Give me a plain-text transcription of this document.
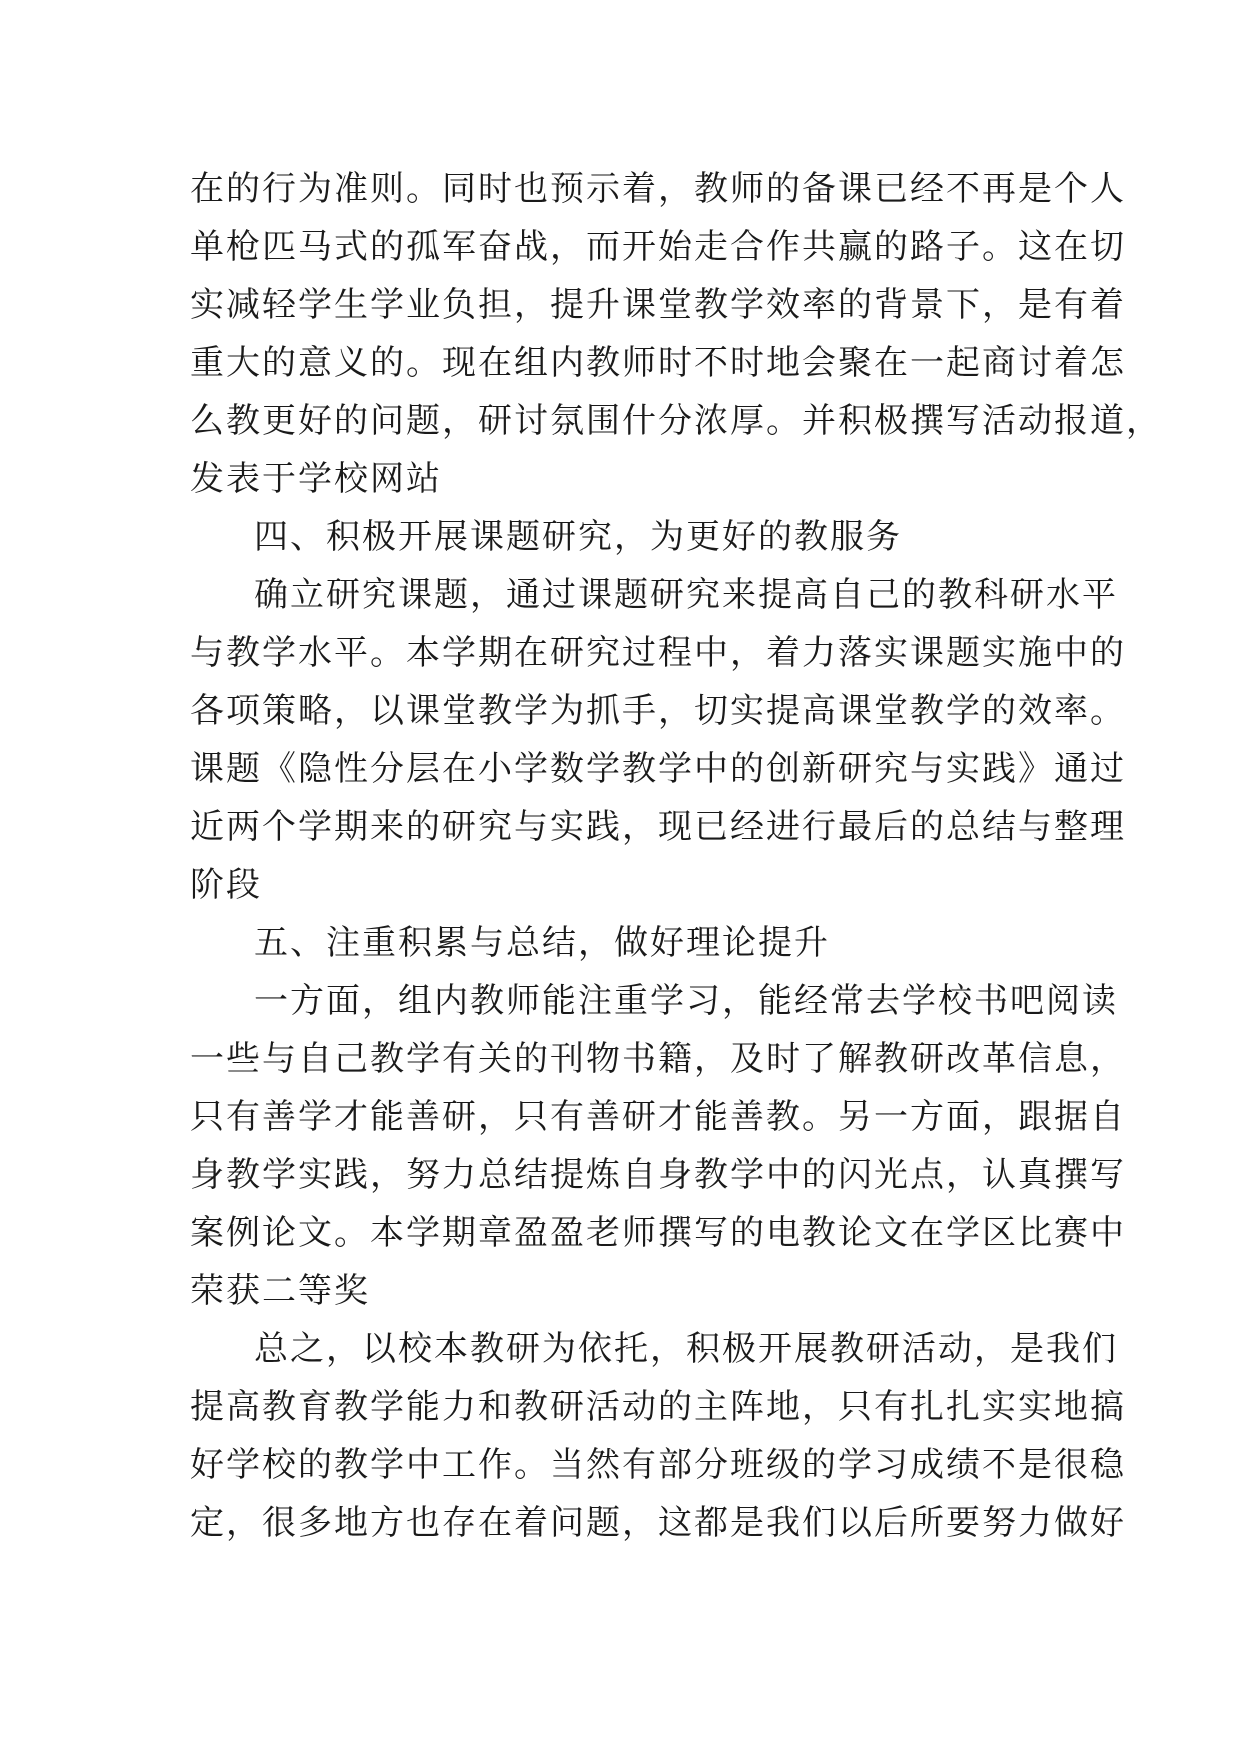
在的行为准则。同时也预示着，教师的备课已经不再是个人
单枪匹马式的孤军奋战，而开始走合作共赢的路子。这在切
实减轻学生学业负担，提升课堂教学效率的背景下，是有着
重大的意义的。现在组内教师时不时地会聚在一起商讨着怎
么教更好的问题，研讨氛围什分浓厚。并积极撰写活动报道，
发表于学校网站
四、积极开展课题研究，为更好的教服务
确立研究课题，通过课题研究来提高自己的教科研水平
与教学水平。本学期在研究过程中，着力落实课题实施中的
各项策略，以课堂教学为抓手，切实提高课堂教学的效率。
课题《隐性分层在小学数学教学中的创新研究与实践》通过
近两个学期来的研究与实践，现已经进行最后的总结与整理
阶段
五、注重积累与总结，做好理论提升
一方面，组内教师能注重学习，能经常去学校书吧阅读
一些与自己教学有关的刊物书籍，及时了解教研改革信息，
只有善学才能善研，只有善研才能善教。另一方面，跟据自
身教学实践，努力总结提炼自身教学中的闪光点，认真撰写
案例论文。本学期章盈盈老师撰写的电教论文在学区比赛中
荣获二等奖
总之，以校本教研为依托，积极开展教研活动，是我们
提高教育教学能力和教研活动的主阵地，只有扎扎实实地搞
好学校的教学中工作。当然有部分班级的学习成绩不是很稳
定，很多地方也存在着问题，这都是我们以后所要努力做好
